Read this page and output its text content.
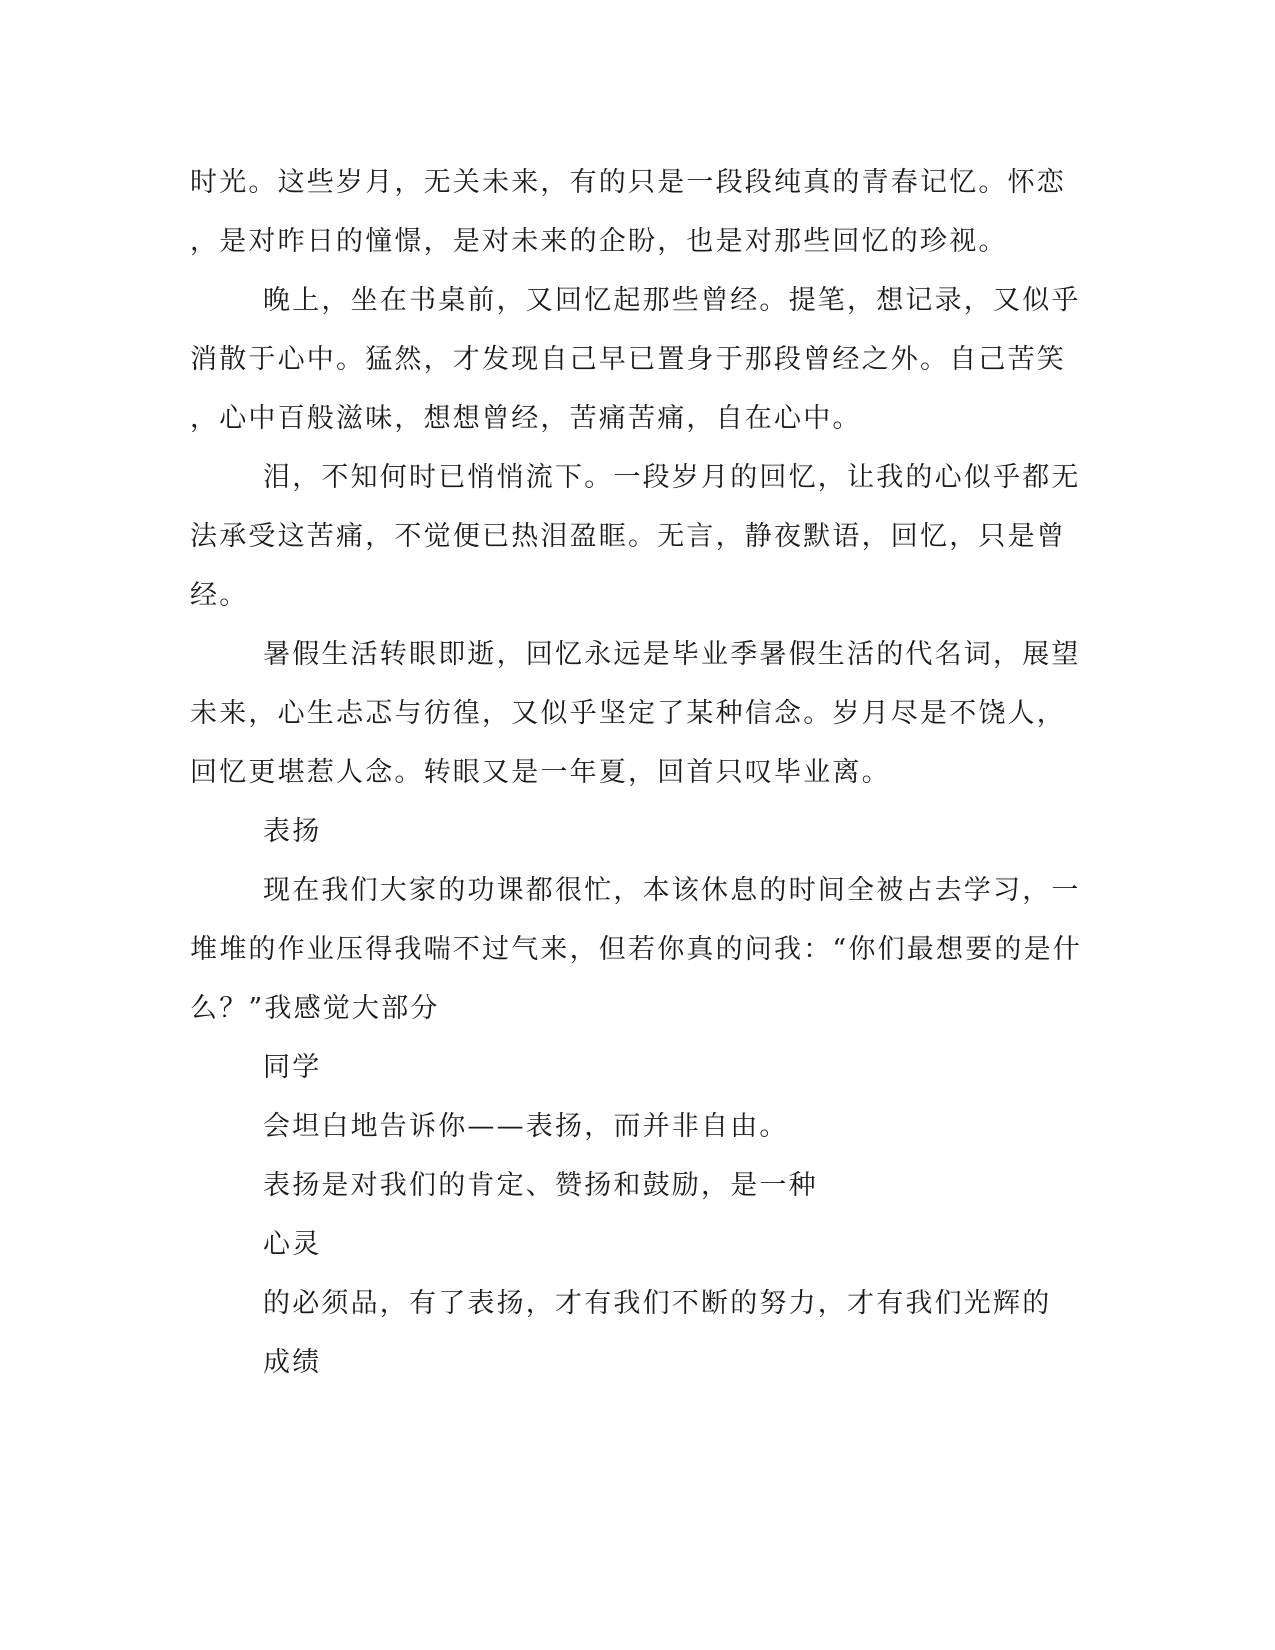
时光。这些岁月，无关未来，有的只是一段段纯真的青春记忆。怀恋
，是对昨日的憧憬，是对未来的企盼，也是对那些回忆的珍视。
晚上，坐在书桌前，又回忆起那些曾经。提笔，想记录，又似乎
消散于心中。猛然，才发现自己早已置身于那段曾经之外。自己苦笑
，心中百般滋味，想想曾经，苦痛苦痛，自在心中。
泪，不知何时已悄悄流下。一段岁月的回忆，让我的心似乎都无
法承受这苦痛，不觉便已热泪盈眶。无言，静夜默语，回忆，只是曾
经。
暑假生活转眼即逝，回忆永远是毕业季暑假生活的代名词，展望
未来，心生忐忑与彷徨，又似乎坚定了某种信念。岁月尽是不饶人，
回忆更堪惹人念。转眼又是一年夏，回首只叹毕业离。
表扬
现在我们大家的功课都很忙，本该休息的时间全被占去学习，一
堆堆的作业压得我喘不过气来，但若你真的问我：“你们最想要的是什
么？”我感觉大部分
同学
会坦白地告诉你——表扬，而并非自由。
表扬是对我们的肯定、赞扬和鼓励，是一种
心灵
的必须品，有了表扬，才有我们不断的努力，才有我们光辉的
成绩
